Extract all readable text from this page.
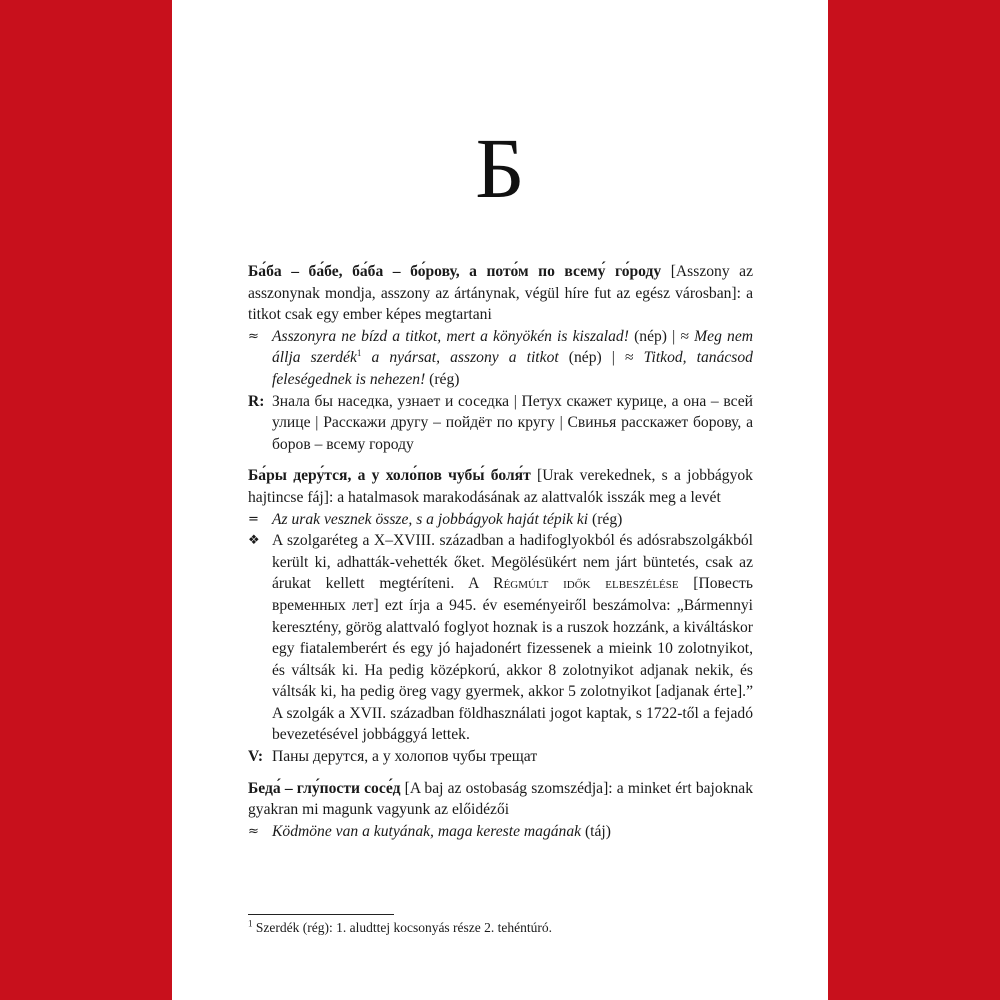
Б
Ба́ба – ба́бе, ба́ба – бо́рову, а пото́м по всему́ го́роду [Asszony az asszonynak mondja, asszony az ártánynak, végül híre fut az egész városban]: a titkot csak egy ember képes megtartani
≈ Asszonyra ne bízd a titkot, mert a könyökén is kiszalad! (nép) | ≈ Meg nem állja szerdék$^1$ a nyársat, asszony a titkot (nép) | ≈ Titkod, tanácsod feleségednek is nehezen! (rég)
R: Знала бы наседка, узнает и соседка | Петух скажет курице, а она – всей улице | Расскажи другу – пойдёт по кругу | Свинья расскажет борову, а боров – всему городу
Ба́ры деру́тся, а у холо́пов чубы́ боля́т [Urak verekednek, s a jobbágyok hajtincse fáj]: a hatalmasok marakodásának az alattvalók isszák meg a levét
= Az urak vesznek össze, s a jobbágyok haját tépik ki (rég)
❖ A szolgaréteg a X–XVIII. században a hadifoglyokból és adósrabszolgákból került ki, adhatták-vehették őket. Megölésükért nem járt büntetés, csak az árukat kellett megtéríteni. A Régmúlt idők elbeszélése [Повесть временных лет] ezt írja a 945. év eseményeiről beszámolva: „Bármennyi keresztény, görög alattvaló foglyot hoznak is a ruszok hozzánk, a kiváltáskor egy fiatalemberért és egy jó hajadonért fizessenek a mieink 10 zolotnyikot, és váltsák ki. Ha pedig középkorú, akkor 8 zolotnyikot adjanak nekik, és váltsák ki, ha pedig öreg vagy gyermek, akkor 5 zolotnyikot [adjanak érte].” A szolgák a XVII. században földhasználati jogot kaptak, s 1722-től a fejadó bevezetésével jobbággyá lettek.
V: Паны дерутся, а у холопов чубы трещат
Беда́ – глу́пости сосе́д [A baj az ostobaság szomszédja]: a minket ért bajoknak gyakran mi magunk vagyunk az előidézői
≈ Ködmöne van a kutyának, maga kereste magának (táj)
$^1$ Szerdék (rég): 1. aludttej kocsonyás része 2. tehéntúró.
